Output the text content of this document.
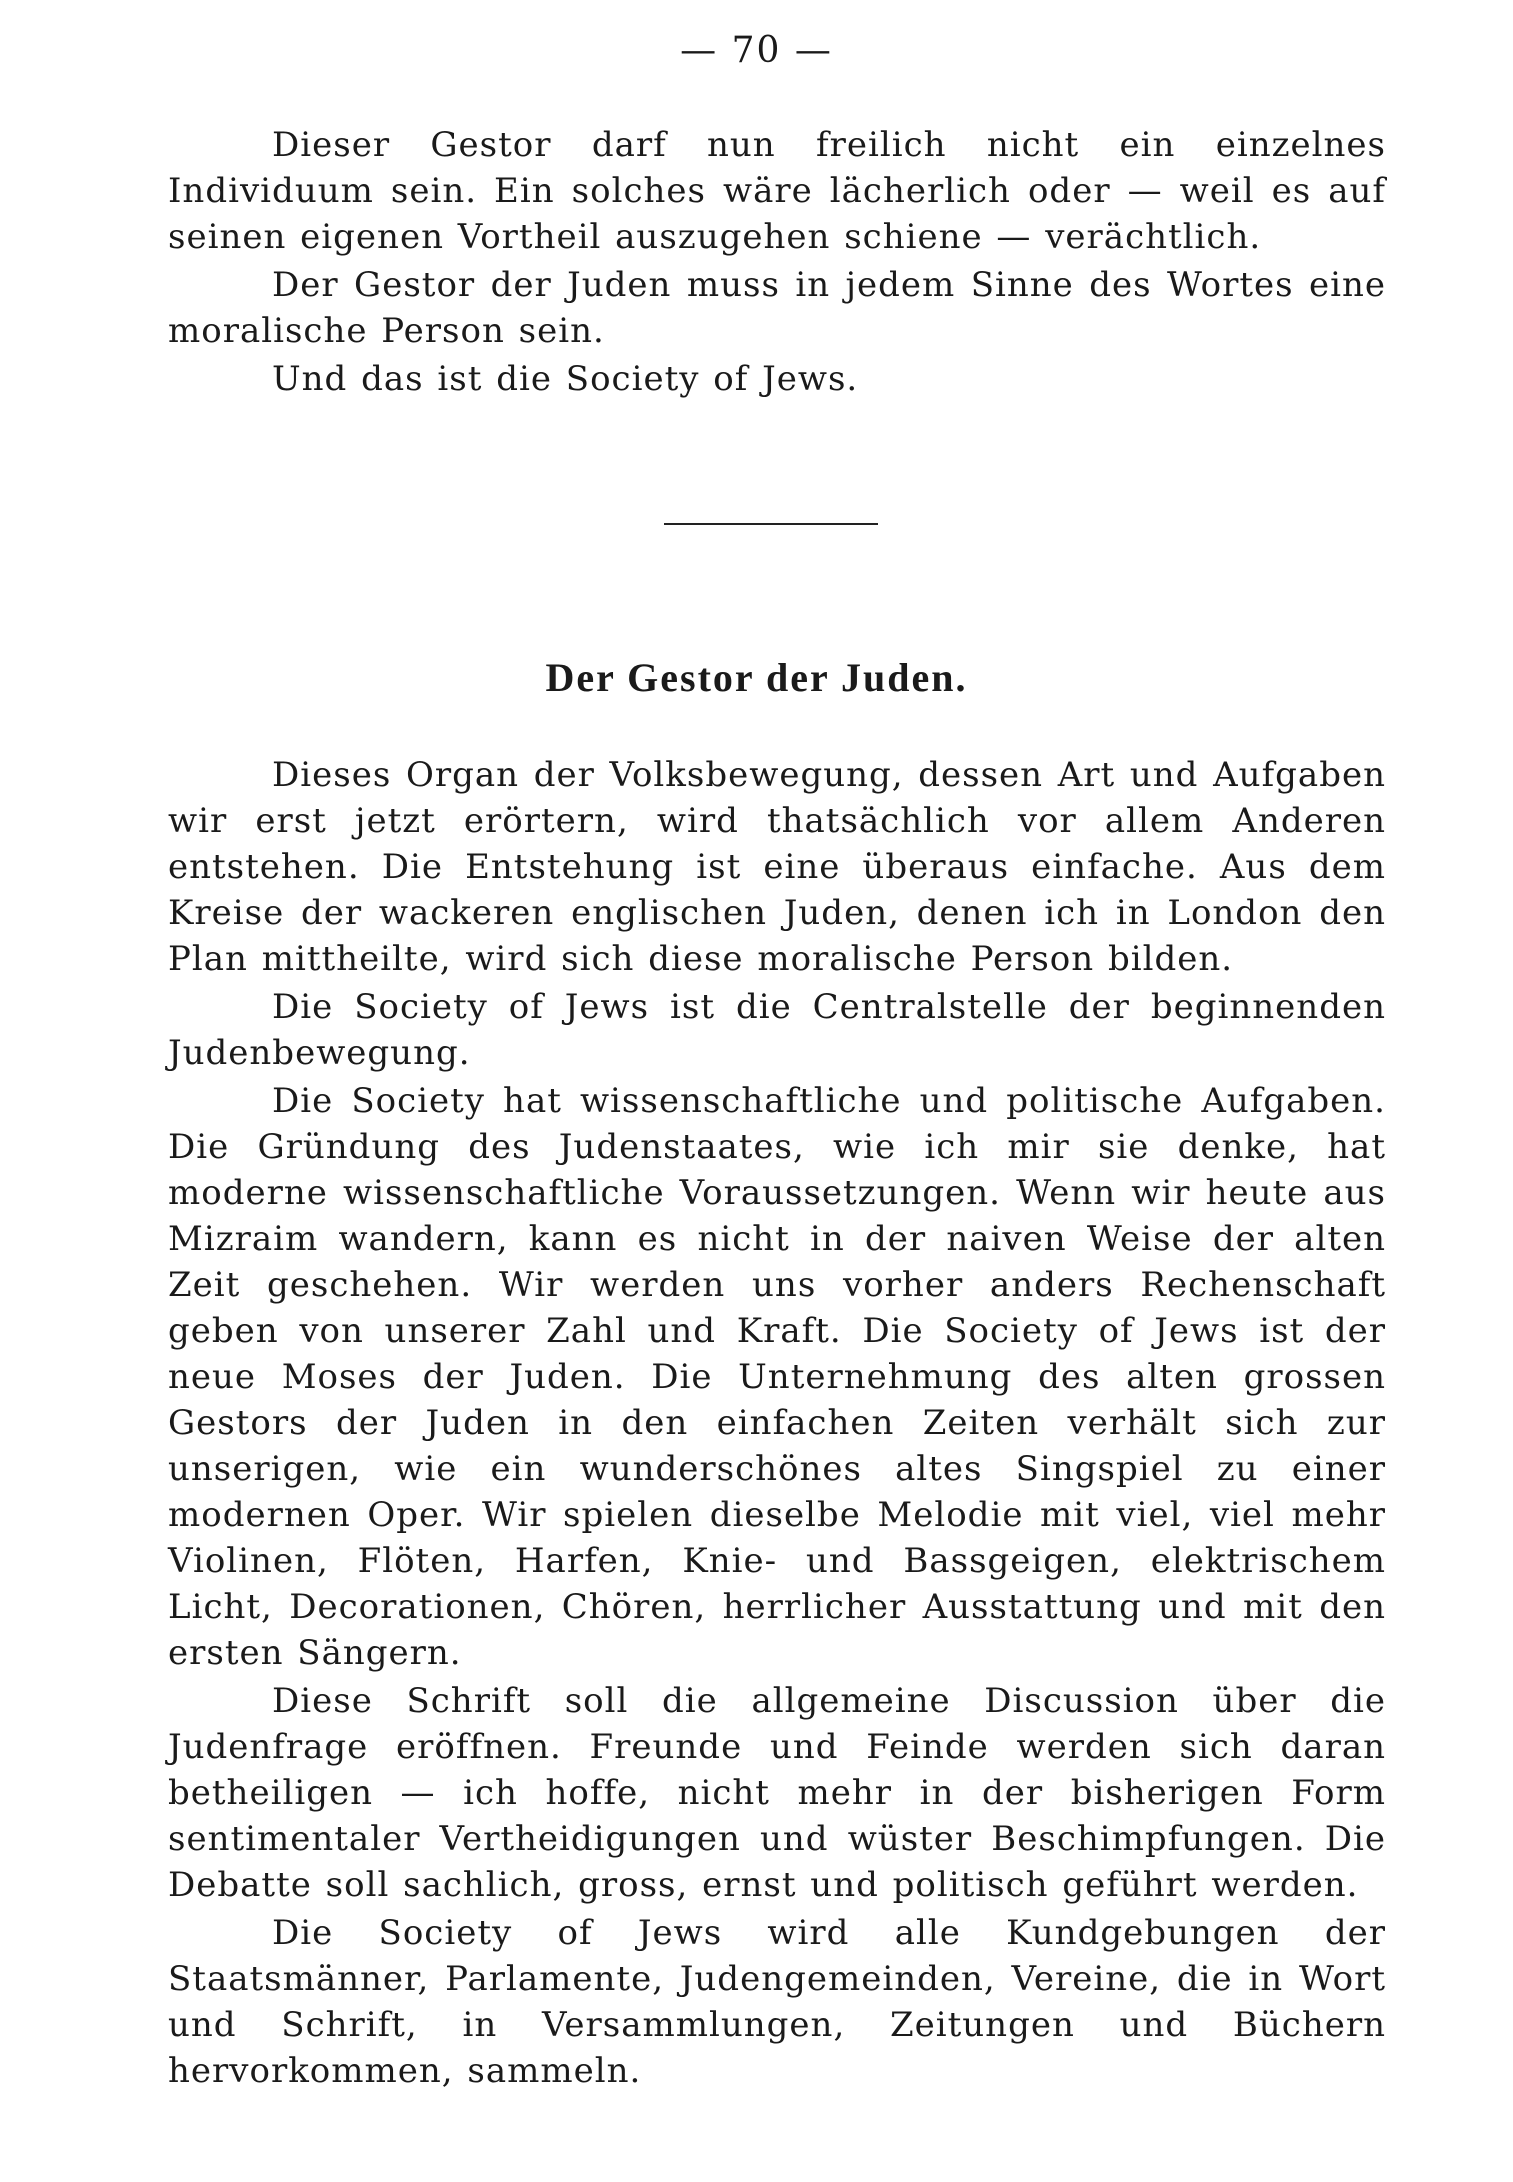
— 70 —

Dieser Gestor darf nun freilich nicht ein einzelnes Individuum sein. Ein solches wäre lächerlich oder — weil es auf seinen eigenen Vortheil auszugehen schiene — verächtlich.

Der Gestor der Juden muss in jedem Sinne des Wortes eine moralische Person sein.

Und das ist die Society of Jews.

Der Gestor der Juden.

Dieses Organ der Volksbewegung, dessen Art und Aufgaben wir erst jetzt erörtern, wird thatsächlich vor allem Anderen entstehen. Die Entstehung ist eine überaus einfache. Aus dem Kreise der wackeren englischen Juden, denen ich in London den Plan mittheilte, wird sich diese moralische Person bilden.

Die Society of Jews ist die Centralstelle der beginnenden Judenbewegung.

Die Society hat wissenschaftliche und politische Aufgaben. Die Gründung des Judenstaates, wie ich mir sie denke, hat moderne wissenschaftliche Voraussetzungen. Wenn wir heute aus Mizraim wandern, kann es nicht in der naiven Weise der alten Zeit geschehen. Wir werden uns vorher anders Rechenschaft geben von unserer Zahl und Kraft. Die Society of Jews ist der neue Moses der Juden. Die Unternehmung des alten grossen Gestors der Juden in den einfachen Zeiten verhält sich zur unserigen, wie ein wunderschönes altes Singspiel zu einer modernen Oper. Wir spielen dieselbe Melodie mit viel, viel mehr Violinen, Flöten, Harfen, Knie- und Bassgeigen, elektrischem Licht, Decorationen, Chören, herrlicher Ausstattung und mit den ersten Sängern.

Diese Schrift soll die allgemeine Discussion über die Judenfrage eröffnen. Freunde und Feinde werden sich daran betheiligen — ich hoffe, nicht mehr in der bisherigen Form sentimentaler Vertheidigungen und wüster Beschimpfungen. Die Debatte soll sachlich, gross, ernst und politisch geführt werden.

Die Society of Jews wird alle Kundgebungen der Staatsmänner, Parlamente, Judengemeinden, Vereine, die in Wort und Schrift, in Versammlungen, Zeitungen und Büchern hervorkommen, sammeln.
